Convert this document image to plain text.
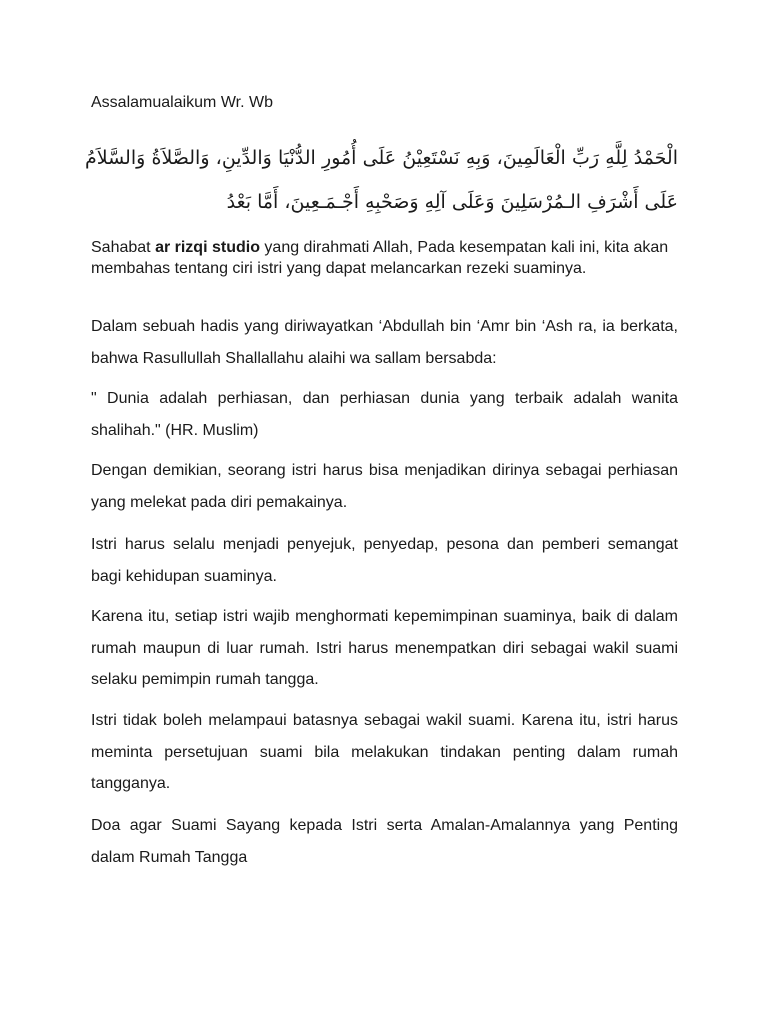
Assalamualaikum Wr. Wb

الْحَمْدُ لِلَّهِ رَبِّ الْعَالَمِينَ، وَبِهِ نَسْتَعِيْنُ عَلَى أُمُورِ الدُّنْيَا وَالدِّينِ، وَالصَّلاَةُ وَالسَّلاَمُ عَلَى أَشْرَفِ الـمُرْسَلِينَ وَعَلَى آلِهِ وَصَحْبِهِ أَجْـمَـعِينَ، أَمَّا بَعْدُ

Sahabat ar rizqi studio yang dirahmati Allah, Pada kesempatan kali ini, kita akan membahas tentang ciri istri yang dapat melancarkan rezeki suaminya.

Dalam sebuah hadis yang diriwayatkan ‘Abdullah bin ‘Amr bin ‘Ash ra, ia berkata, bahwa Rasullullah Shallallahu alaihi wa sallam bersabda:

" Dunia adalah perhiasan, dan perhiasan dunia yang terbaik adalah wanita shalihah." (HR. Muslim)

Dengan demikian, seorang istri harus bisa menjadikan dirinya sebagai perhiasan yang melekat pada diri pemakainya.

Istri harus selalu menjadi penyejuk, penyedap, pesona dan pemberi semangat bagi kehidupan suaminya.

Karena itu, setiap istri wajib menghormati kepemimpinan suaminya, baik di dalam rumah maupun di luar rumah. Istri harus menempatkan diri sebagai wakil suami selaku pemimpin rumah tangga.

Istri tidak boleh melampaui batasnya sebagai wakil suami. Karena itu, istri harus meminta persetujuan suami bila melakukan tindakan penting dalam rumah tangganya.

Doa agar Suami Sayang kepada Istri serta Amalan-Amalannya yang Penting dalam Rumah Tangga
